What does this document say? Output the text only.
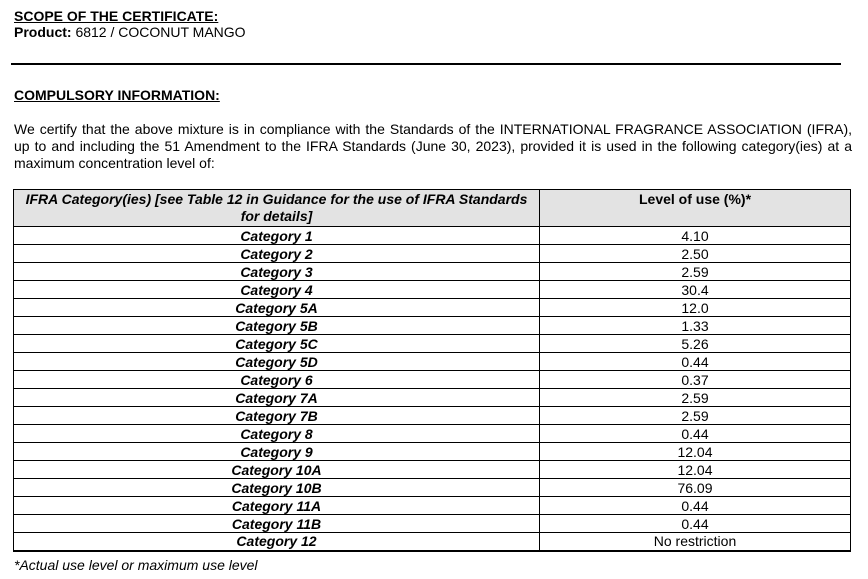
SCOPE OF THE CERTIFICATE:
Product: 6812 / COCONUT MANGO
COMPULSORY INFORMATION:
We certify that the above mixture is in compliance with the Standards of the INTERNATIONAL FRAGRANCE ASSOCIATION (IFRA), up to and including the 51 Amendment to the IFRA Standards (June 30, 2023), provided it is used in the following category(ies) at a maximum concentration level of:
IFRA Category(ies) [see Table 12 in Guidance for the use of IFRA Standards for details]	Level of use (%)*
Category 1	4.10
Category 2	2.50
Category 3	2.59
Category 4	30.4
Category 5A	12.0
Category 5B	1.33
Category 5C	5.26
Category 5D	0.44
Category 6	0.37
Category 7A	2.59
Category 7B	2.59
Category 8	0.44
Category 9	12.04
Category 10A	12.04
Category 10B	76.09
Category 11A	0.44
Category 11B	0.44
Category 12	No restriction
*Actual use level or maximum use level
